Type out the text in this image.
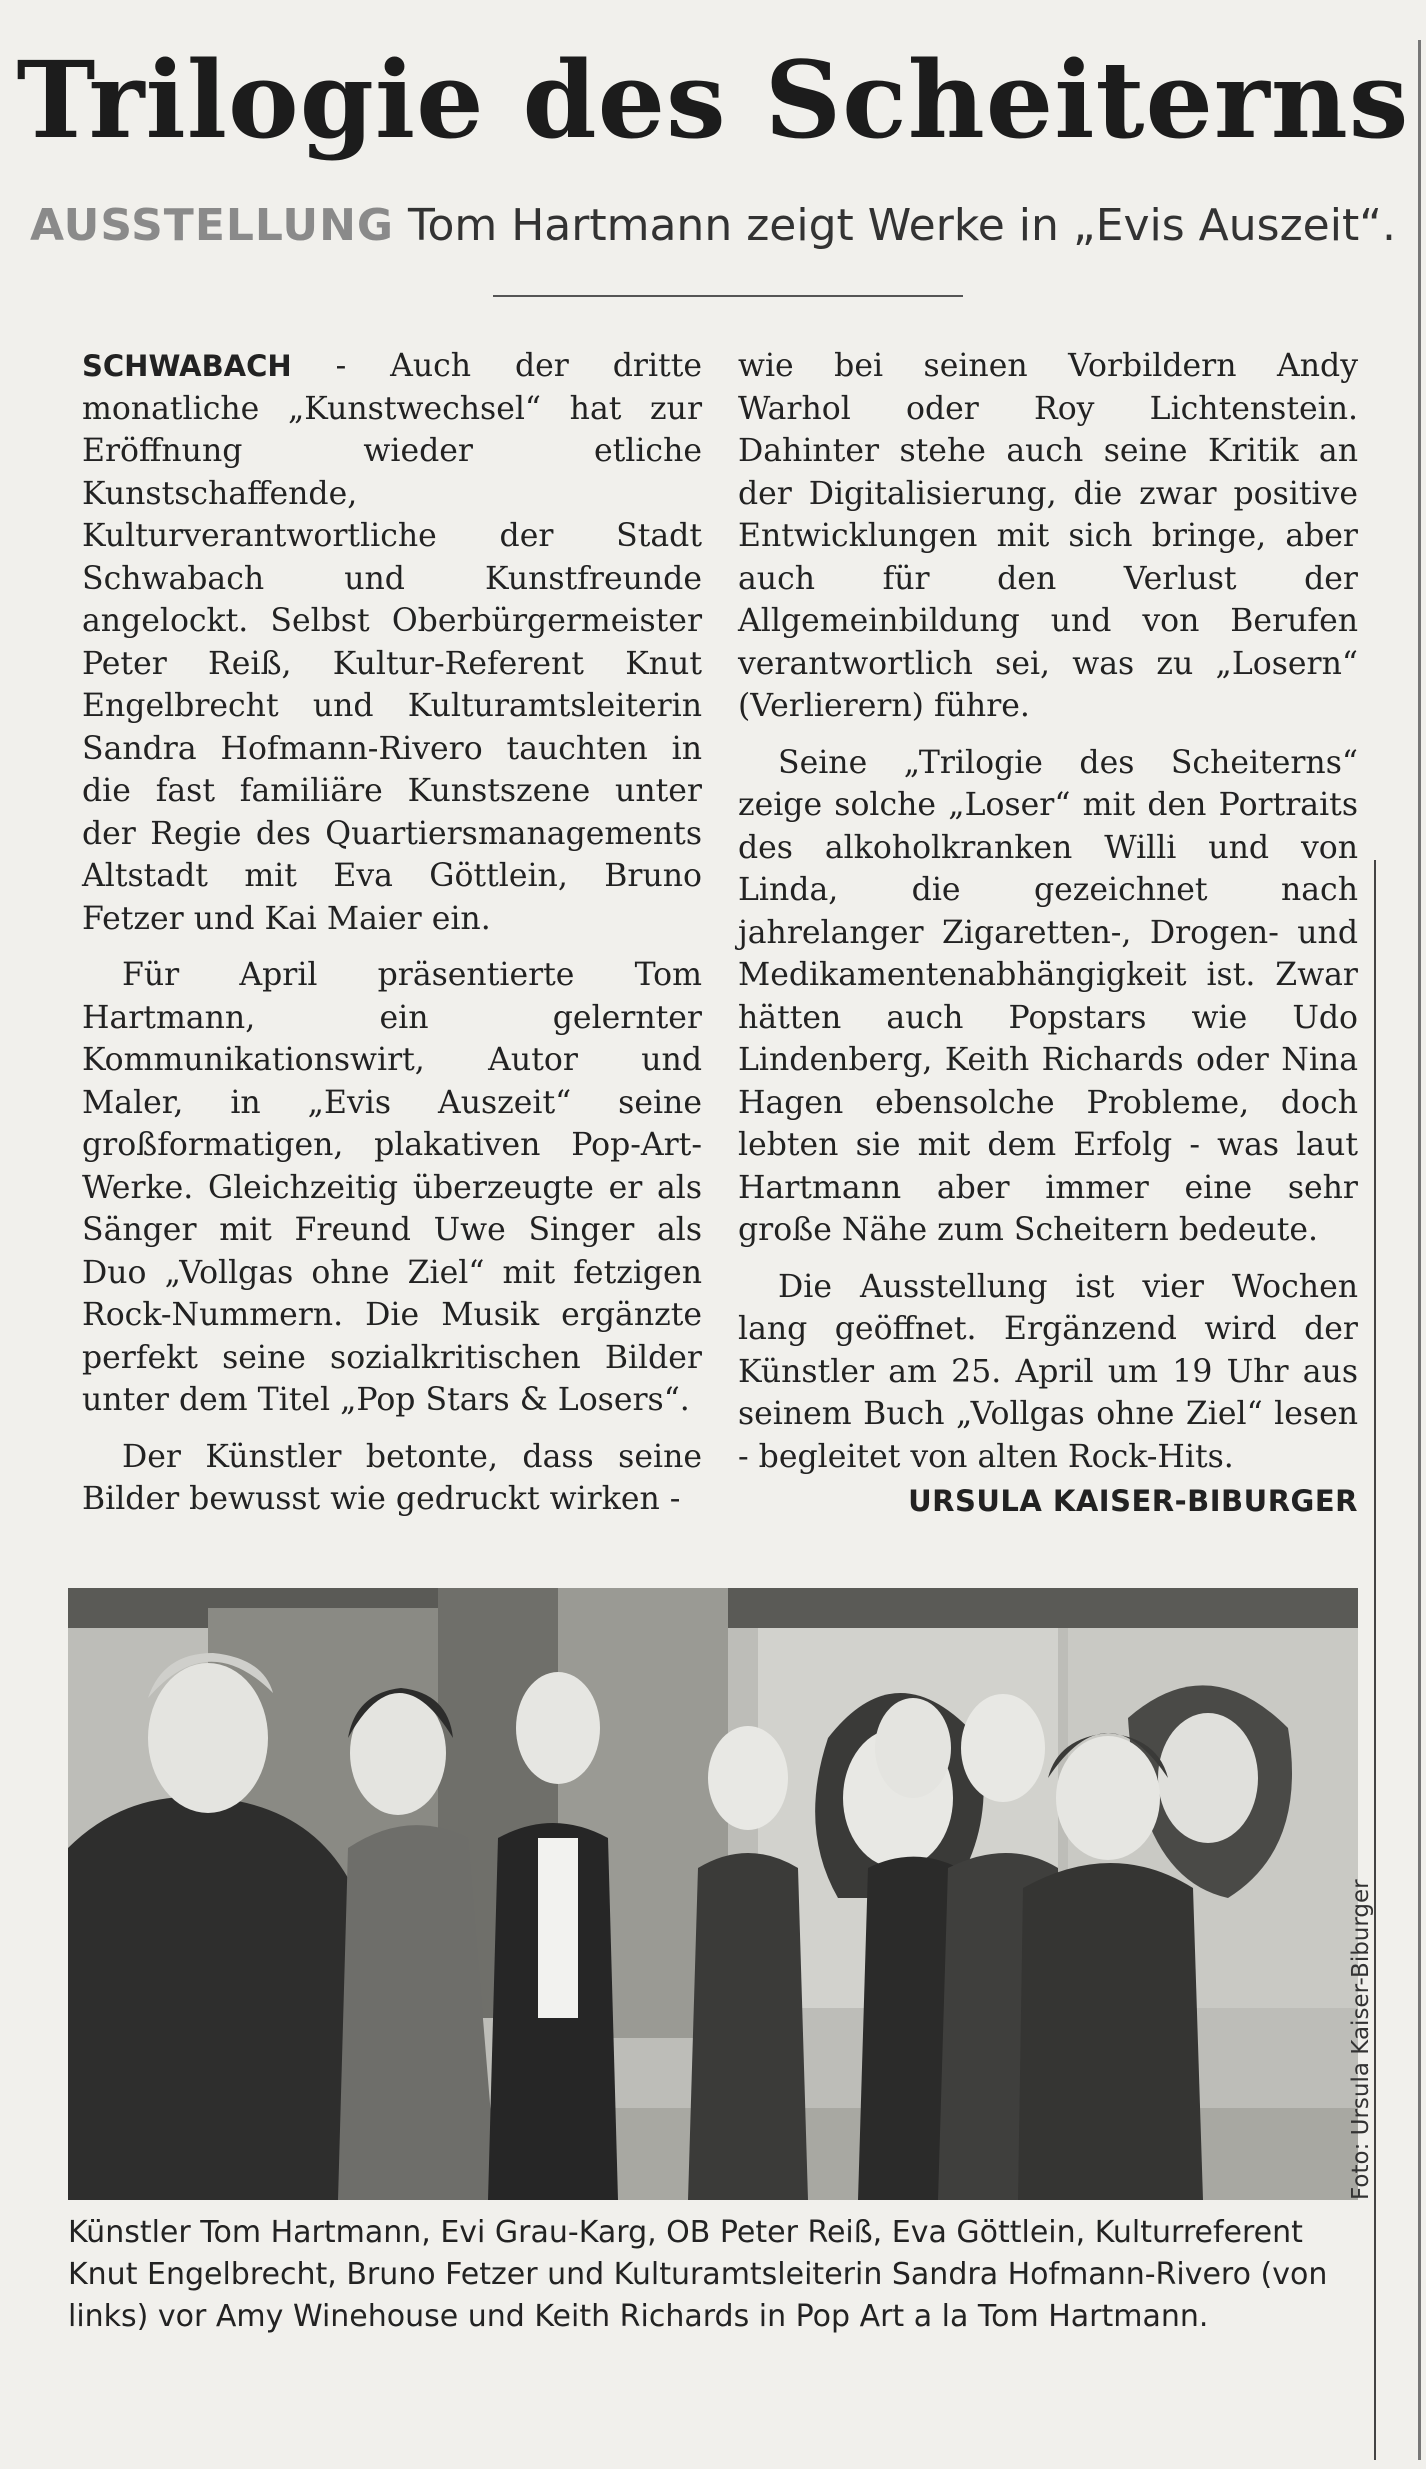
Trilogie des Scheiterns
AUSSTELLUNG Tom Hartmann zeigt Werke in „Evis Auszeit“.

SCHWABACH - Auch der dritte monatliche „Kunstwechsel“ hat zur Eröffnung wieder etliche Kunstschaffende, Kulturverantwortliche der Stadt Schwabach und Kunstfreunde angelockt. Selbst Oberbürgermeister Peter Reiß, Kultur-Referent Knut Engelbrecht und Kulturamtsleiterin Sandra Hofmann-Rivero tauchten in die fast familiäre Kunstszene unter der Regie des Quartiersmanagements Altstadt mit Eva Göttlein, Bruno Fetzer und Kai Maier ein.

Für April präsentierte Tom Hartmann, ein gelernter Kommunikationswirt, Autor und Maler, in „Evis Auszeit“ seine großformatigen, plakativen Pop-Art-Werke. Gleichzeitig überzeugte er als Sänger mit Freund Uwe Singer als Duo „Vollgas ohne Ziel“ mit fetzigen Rock-Nummern. Die Musik ergänzte perfekt seine sozialkritischen Bilder unter dem Titel „Pop Stars & Losers“.

Der Künstler betonte, dass seine Bilder bewusst wie gedruckt wirken -

wie bei seinen Vorbildern Andy Warhol oder Roy Lichtenstein. Dahinter stehe auch seine Kritik an der Digitalisierung, die zwar positive Entwicklungen mit sich bringe, aber auch für den Verlust der Allgemeinbildung und von Berufen verantwortlich sei, was zu „Losern“ (Verlierern) führe.

Seine „Trilogie des Scheiterns“ zeige solche „Loser“ mit den Portraits des alkoholkranken Willi und von Linda, die gezeichnet nach jahrelanger Zigaretten-, Drogen- und Medikamentenabhängigkeit ist. Zwar hätten auch Popstars wie Udo Lindenberg, Keith Richards oder Nina Hagen ebensolche Probleme, doch lebten sie mit dem Erfolg - was laut Hartmann aber immer eine sehr große Nähe zum Scheitern bedeute.

Die Ausstellung ist vier Wochen lang geöffnet. Ergänzend wird der Künstler am 25. April um 19 Uhr aus seinem Buch „Vollgas ohne Ziel“ lesen - begleitet von alten Rock-Hits.

URSULA KAISER-BIBURGER
Foto: Ursula Kaiser-Biburger
Künstler Tom Hartmann, Evi Grau-Karg, OB Peter Reiß, Eva Göttlein, Kulturreferent Knut Engelbrecht, Bruno Fetzer und Kulturamtsleiterin Sandra Hofmann-Rivero (von links) vor Amy Winehouse und Keith Richards in Pop Art a la Tom Hartmann.
